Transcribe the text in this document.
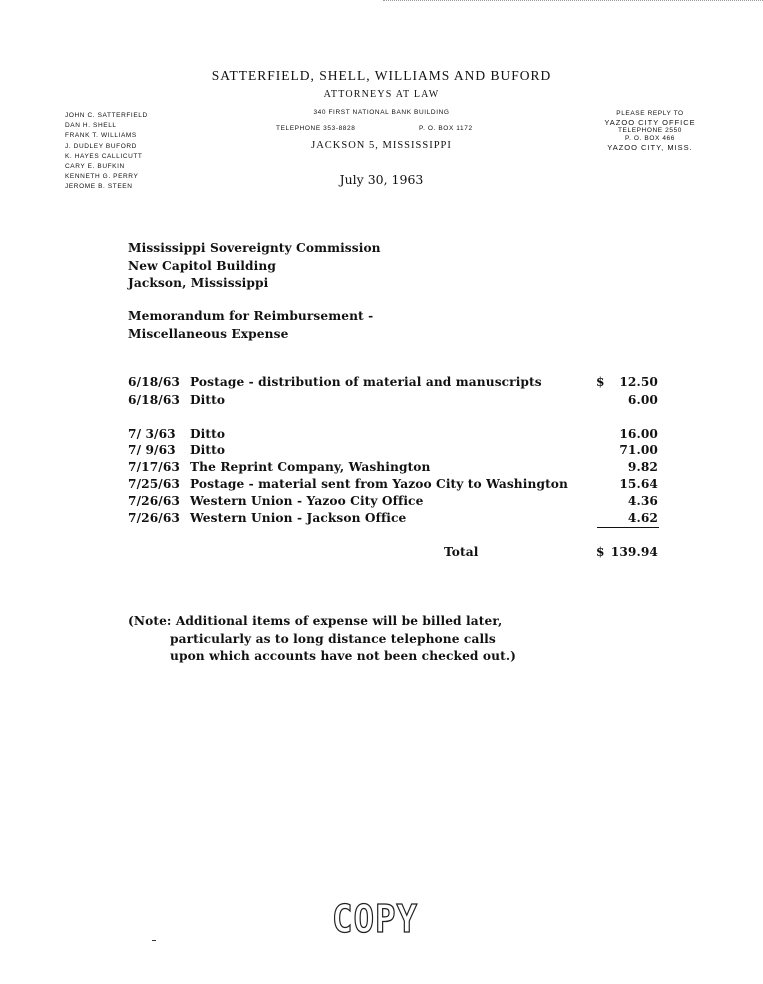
SATTERFIELD, SHELL, WILLIAMS AND BUFORD
ATTORNEYS AT LAW
340 FIRST NATIONAL BANK BUILDING
TELEPHONE 353-8828	P. O. BOX 1172
JACKSON 5, MISSISSIPPI
JOHN C. SATTERFIELD
DAN H. SHELL
FRANK T. WILLIAMS
J. DUDLEY BUFORD
K. HAYES CALLICUTT
CARY E. BUFKIN
KENNETH G. PERRY
JEROME B. STEEN
PLEASE REPLY TO
YAZOO CITY OFFICE
TELEPHONE 2550
P. O. BOX 466
YAZOO CITY, MISS.
July 30, 1963
Mississippi Sovereignty Commission
New Capitol Building
Jackson, Mississippi
Memorandum for Reimbursement -
Miscellaneous Expense
6/18/63 Postage - distribution of material and manuscripts	$	12.50
6/18/63 Ditto	6.00
7/ 3/63 Ditto	16.00
7/ 9/63 Ditto	71.00
7/17/63 The Reprint Company, Washington	9.82
7/25/63 Postage - material sent from Yazoo City to Washington	15.64
7/26/63 Western Union - Yazoo City Office	4.36
7/26/63 Western Union - Jackson Office	4.62
Total	$ 139.94
(Note: Additional items of expense will be billed later,
particularly as to long distance telephone calls
upon which accounts have not been checked out.)
COPY
